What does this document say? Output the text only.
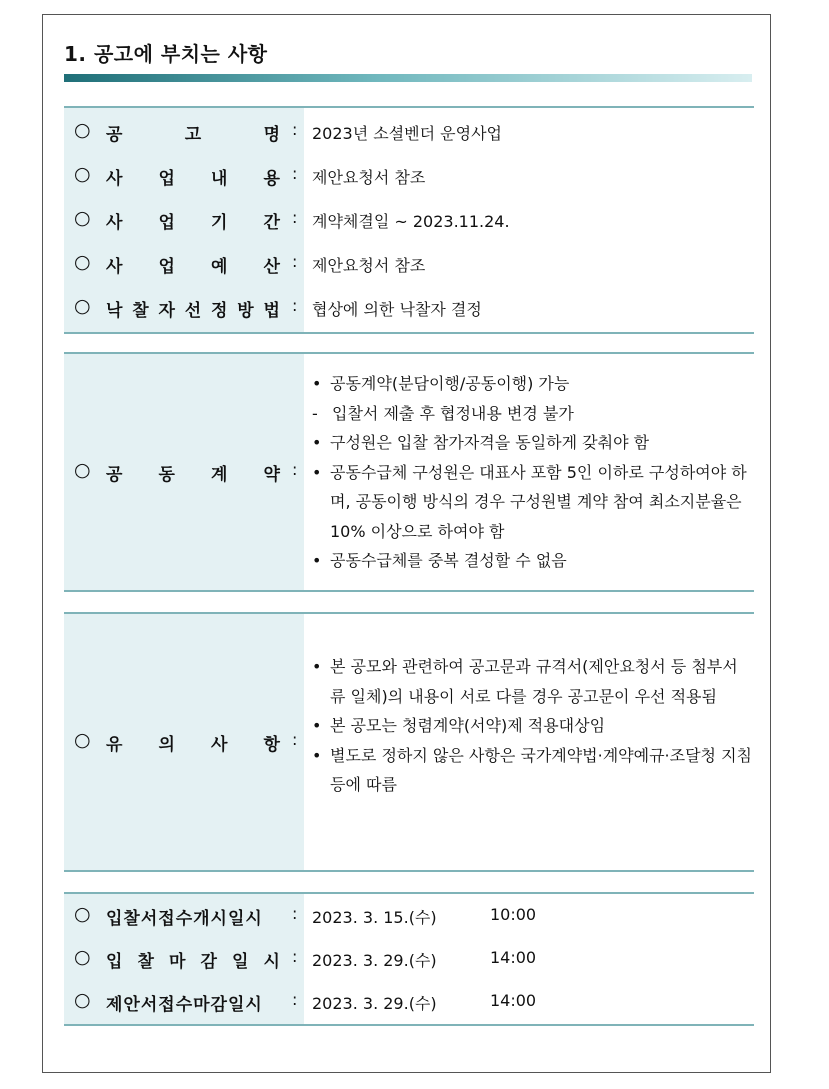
1. 공고에 부치는 사항
○ 공	고	명 : 2023년 소셜벤더 운영사업
○ 사 업 내 용 : 제안요청서 참조
○ 사 업 기 간 : 계약체결일 ~ 2023.11.24.
○ 사 업 예 산 : 제안요청서 참조
○ 낙 찰 자 선 정 방 법 : 협상에 의한 낙찰자 결정
○ 공 동 계 약 :
• 공동계약(분담이행/공동이행) 가능
- 입찰서 제출 후 협정내용 변경 불가
• 구성원은 입찰 참가자격을 동일하게 갖춰야 함
• 공동수급체 구성원은 대표사 포함 5인 이하로 구성하여야 하며, 공동이행 방식의 경우 구성원별 계약 참여 최소지분율은 10% 이상으로 하여야 함
• 공동수급체를 중복 결성할 수 없음
○ 유 의 사 항 :
• 본 공모와 관련하여 공고문과 규격서(제안요청서 등 첨부서류 일체)의 내용이 서로 다를 경우 공고문이 우선 적용됨
• 본 공모는 청렴계약(서약)제 적용대상임
• 별도로 정하지 않은 사항은 국가계약법·계약예규·조달청 지침 등에 따름
○ 입찰서접수개시일시 : 2023. 3. 15.(수)	10:00
○ 입 찰 마 감 일 시 : 2023. 3. 29.(수)	14:00
○ 제안서접수마감일시 : 2023. 3. 29.(수)	14:00
